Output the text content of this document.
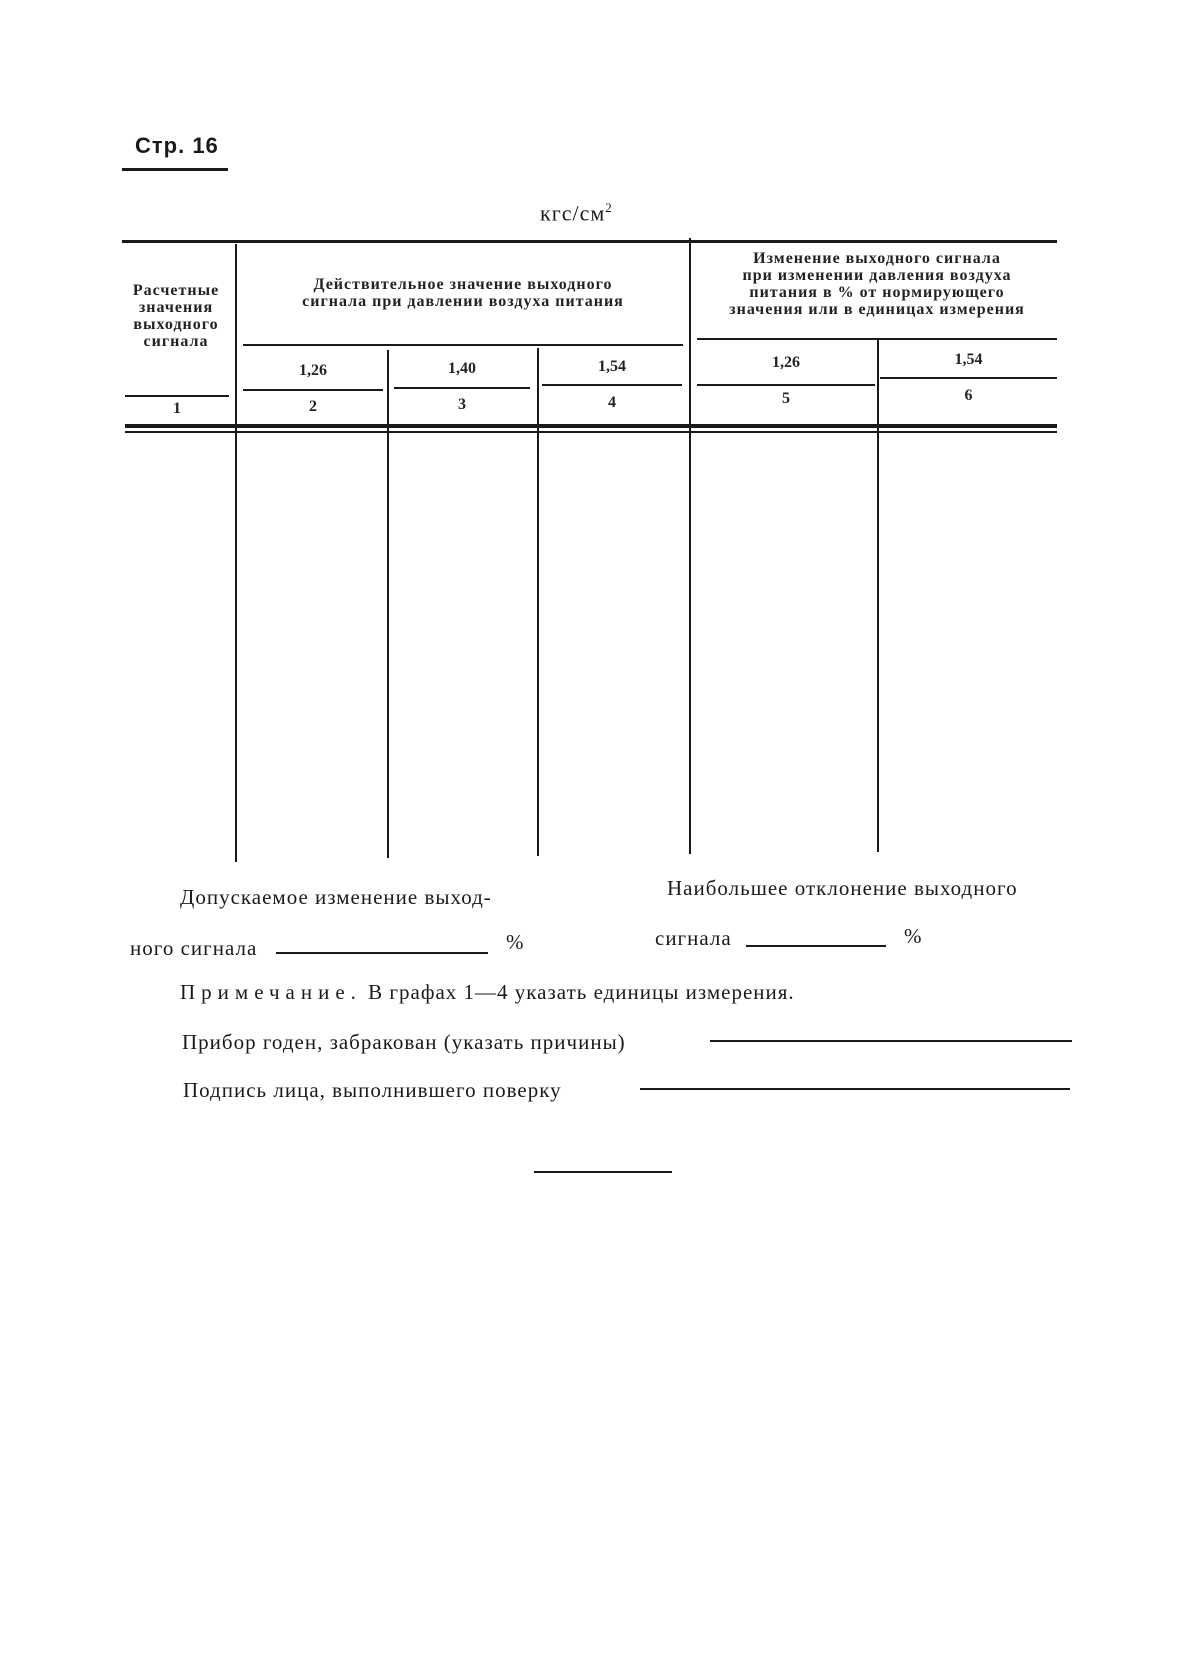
Стр. 16
кгс/$см^2$
Расчетные
значения
выходного
сигнала
Действительное значение выходного
сигнала при давлении воздуха питания
Изменение выходного сигнала
при изменении давления воздуха
питания в % от нормирующего
значения или в единицах измерения
1,26	1,40	1,54	1,26	1,54
1	2	3	4	5	6
Допускаемое изменение выход-
ного сигнала	%
Наибольшее отклонение выходного
сигнала	%
Примечание. В графах 1—4 указать единицы измерения.
Прибор годен, забракован (указать причины)
Подпись лица, выполнившего поверку
